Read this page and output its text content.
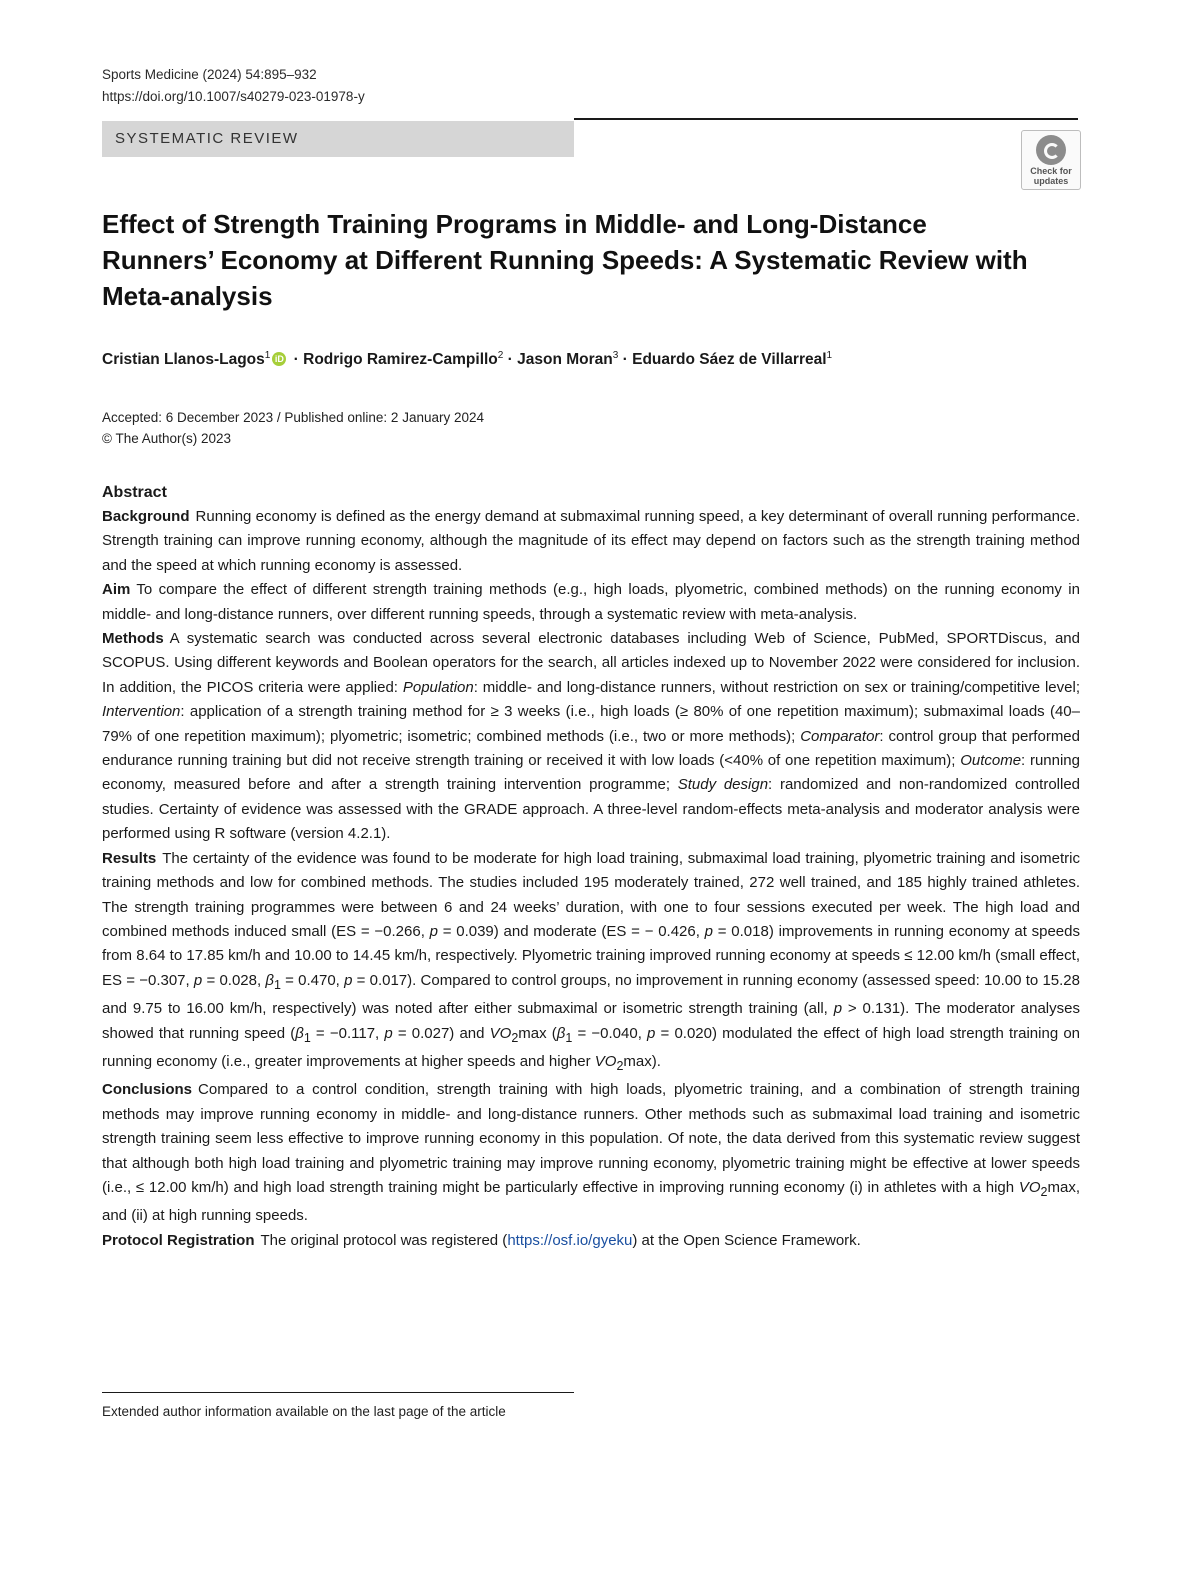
Sports Medicine (2024) 54:895–932
https://doi.org/10.1007/s40279-023-01978-y
SYSTEMATIC REVIEW
Check for updates
Effect of Strength Training Programs in Middle- and Long-Distance Runners’ Economy at Different Running Speeds: A Systematic Review with Meta-analysis
Cristian Llanos-Lagos$^1$ iD · Rodrigo Ramirez-Campillo$^2$ · Jason Moran$^3$ · Eduardo Sáez de Villarreal$^1$
Accepted: 6 December 2023 / Published online: 2 January 2024
© The Author(s) 2023
Abstract

Background Running economy is defined as the energy demand at submaximal running speed, a key determinant of overall running performance. Strength training can improve running economy, although the magnitude of its effect may depend on factors such as the strength training method and the speed at which running economy is assessed.

Aim To compare the effect of different strength training methods (e.g., high loads, plyometric, combined methods) on the running economy in middle- and long-distance runners, over different running speeds, through a systematic review with meta-analysis.

Methods A systematic search was conducted across several electronic databases including Web of Science, PubMed, SPORTDiscus, and SCOPUS. Using different keywords and Boolean operators for the search, all articles indexed up to November 2022 were considered for inclusion. In addition, the PICOS criteria were applied: Population: middle- and long-distance runners, without restriction on sex or training/competitive level; Intervention: application of a strength training method for ≥ 3 weeks (i.e., high loads (≥ 80% of one repetition maximum); submaximal loads (40–79% of one repetition maximum); plyometric; isometric; combined methods (i.e., two or more methods); Comparator: control group that performed endurance running training but did not receive strength training or received it with low loads (<40% of one repetition maximum); Outcome: running economy, measured before and after a strength training intervention programme; Study design: randomized and non-randomized controlled studies. Certainty of evidence was assessed with the GRADE approach. A three-level random-effects meta-analysis and moderator analysis were performed using R software (version 4.2.1).

Results The certainty of the evidence was found to be moderate for high load training, submaximal load training, plyometric training and isometric training methods and low for combined methods. The studies included 195 moderately trained, 272 well trained, and 185 highly trained athletes. The strength training programmes were between 6 and 24 weeks’ duration, with one to four sessions executed per week. The high load and combined methods induced small (ES = −0.266, p = 0.039) and moderate (ES = − 0.426, p = 0.018) improvements in running economy at speeds from 8.64 to 17.85 km/h and 10.00 to 14.45 km/h, respectively. Plyometric training improved running economy at speeds ≤ 12.00 km/h (small effect, ES = −0.307, p = 0.028, $\beta_1 = 0.470$, p = 0.017). Compared to control groups, no improvement in running economy (assessed speed: 10.00 to 15.28 and 9.75 to 16.00 km/h, respectively) was noted after either submaximal or isometric strength training (all, p > 0.131). The moderator analyses showed that running speed ($\beta_1 = -0.117$, p = 0.027) and $VO_2\max$ ($\beta_1 = -0.040$, p = 0.020) modulated the effect of high load strength training on running economy (i.e., greater improvements at higher speeds and higher $VO_2\max$).

Conclusions Compared to a control condition, strength training with high loads, plyometric training, and a combination of strength training methods may improve running economy in middle- and long-distance runners. Other methods such as submaximal load training and isometric strength training seem less effective to improve running economy in this population. Of note, the data derived from this systematic review suggest that although both high load training and plyometric training may improve running economy, plyometric training might be effective at lower speeds (i.e., ≤ 12.00 km/h) and high load strength training might be particularly effective in improving running economy (i) in athletes with a high $VO_2\max$, and (ii) at high running speeds.

Protocol Registration The original protocol was registered (https://osf.io/gyeku) at the Open Science Framework.

Extended author information available on the last page of the article
